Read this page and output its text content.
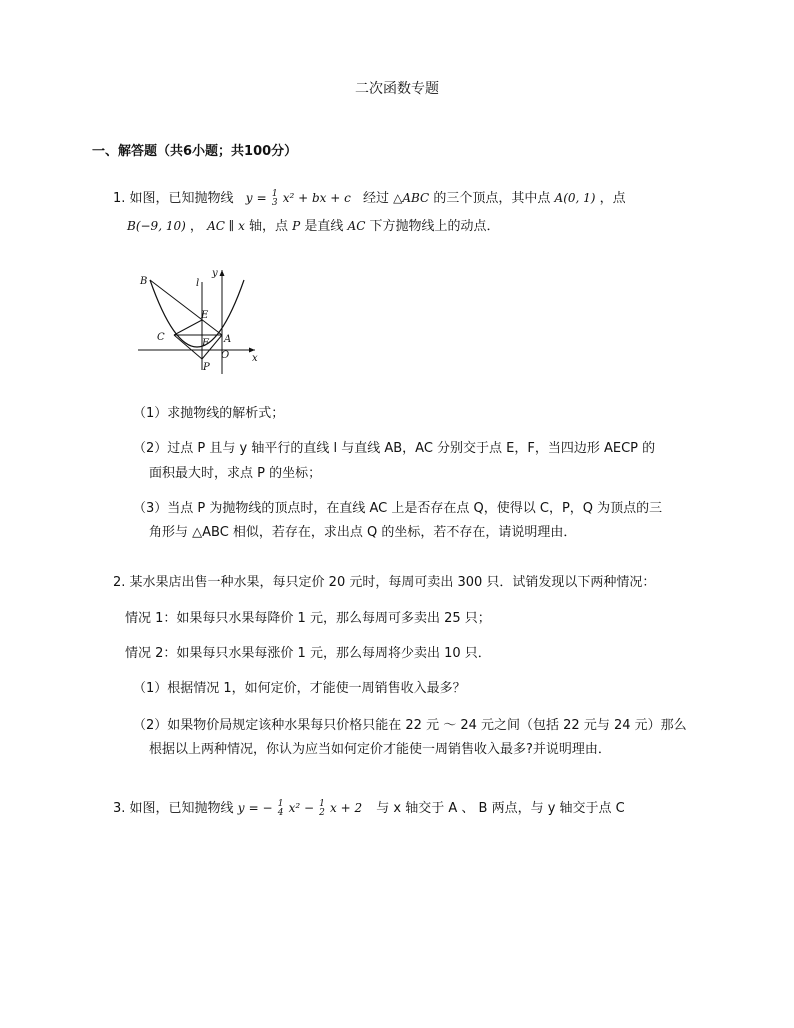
二次函数专题
一、解答题（共6小题；共100分）
1. 如图，已知抛物线 y = 1
3 x² + bx + c 经过 △ABC 的三个顶点，其中点 A(0, 1) ，点
B(−9, 10) ， AC ∥ x 轴，点 P 是直线 AC 下方抛物线上的动点．
B
C	A
E
F
O
P
x
y
l
（1）求抛物线的解析式；
（2）过点 P 且与 y 轴平行的直线 l 与直线 AB，AC 分别交于点 E，F，当四边形 AECP 的
面积最大时，求点 P 的坐标；
（3）当点 P 为抛物线的顶点时，在直线 AC 上是否存在点 Q，使得以 C，P，Q 为顶点的三
角形与 △ABC 相似，若存在，求出点 Q 的坐标，若不存在，请说明理由．
2. 某水果店出售一种水果，每只定价 20 元时，每周可卖出 300 只．试销发现以下两种情况：
情况 1：如果每只水果每降价 1 元，那么每周可多卖出 25 只；
情况 2：如果每只水果每涨价 1 元，那么每周将少卖出 10 只．
（1）根据情况 1，如何定价，才能使一周销售收入最多？
（2）如果物价局规定该种水果每只价格只能在 22 元 ～ 24 元之间（包括 22 元与 24 元）那么
根据以上两种情况，你认为应当如何定价才能使一周销售收入最多?并说明理由．
3. 如图，已知抛物线 y = − 1
4 x² − 1
2 x + 2 与 x 轴交于 A 、 B 两点，与 y 轴交于点 C
